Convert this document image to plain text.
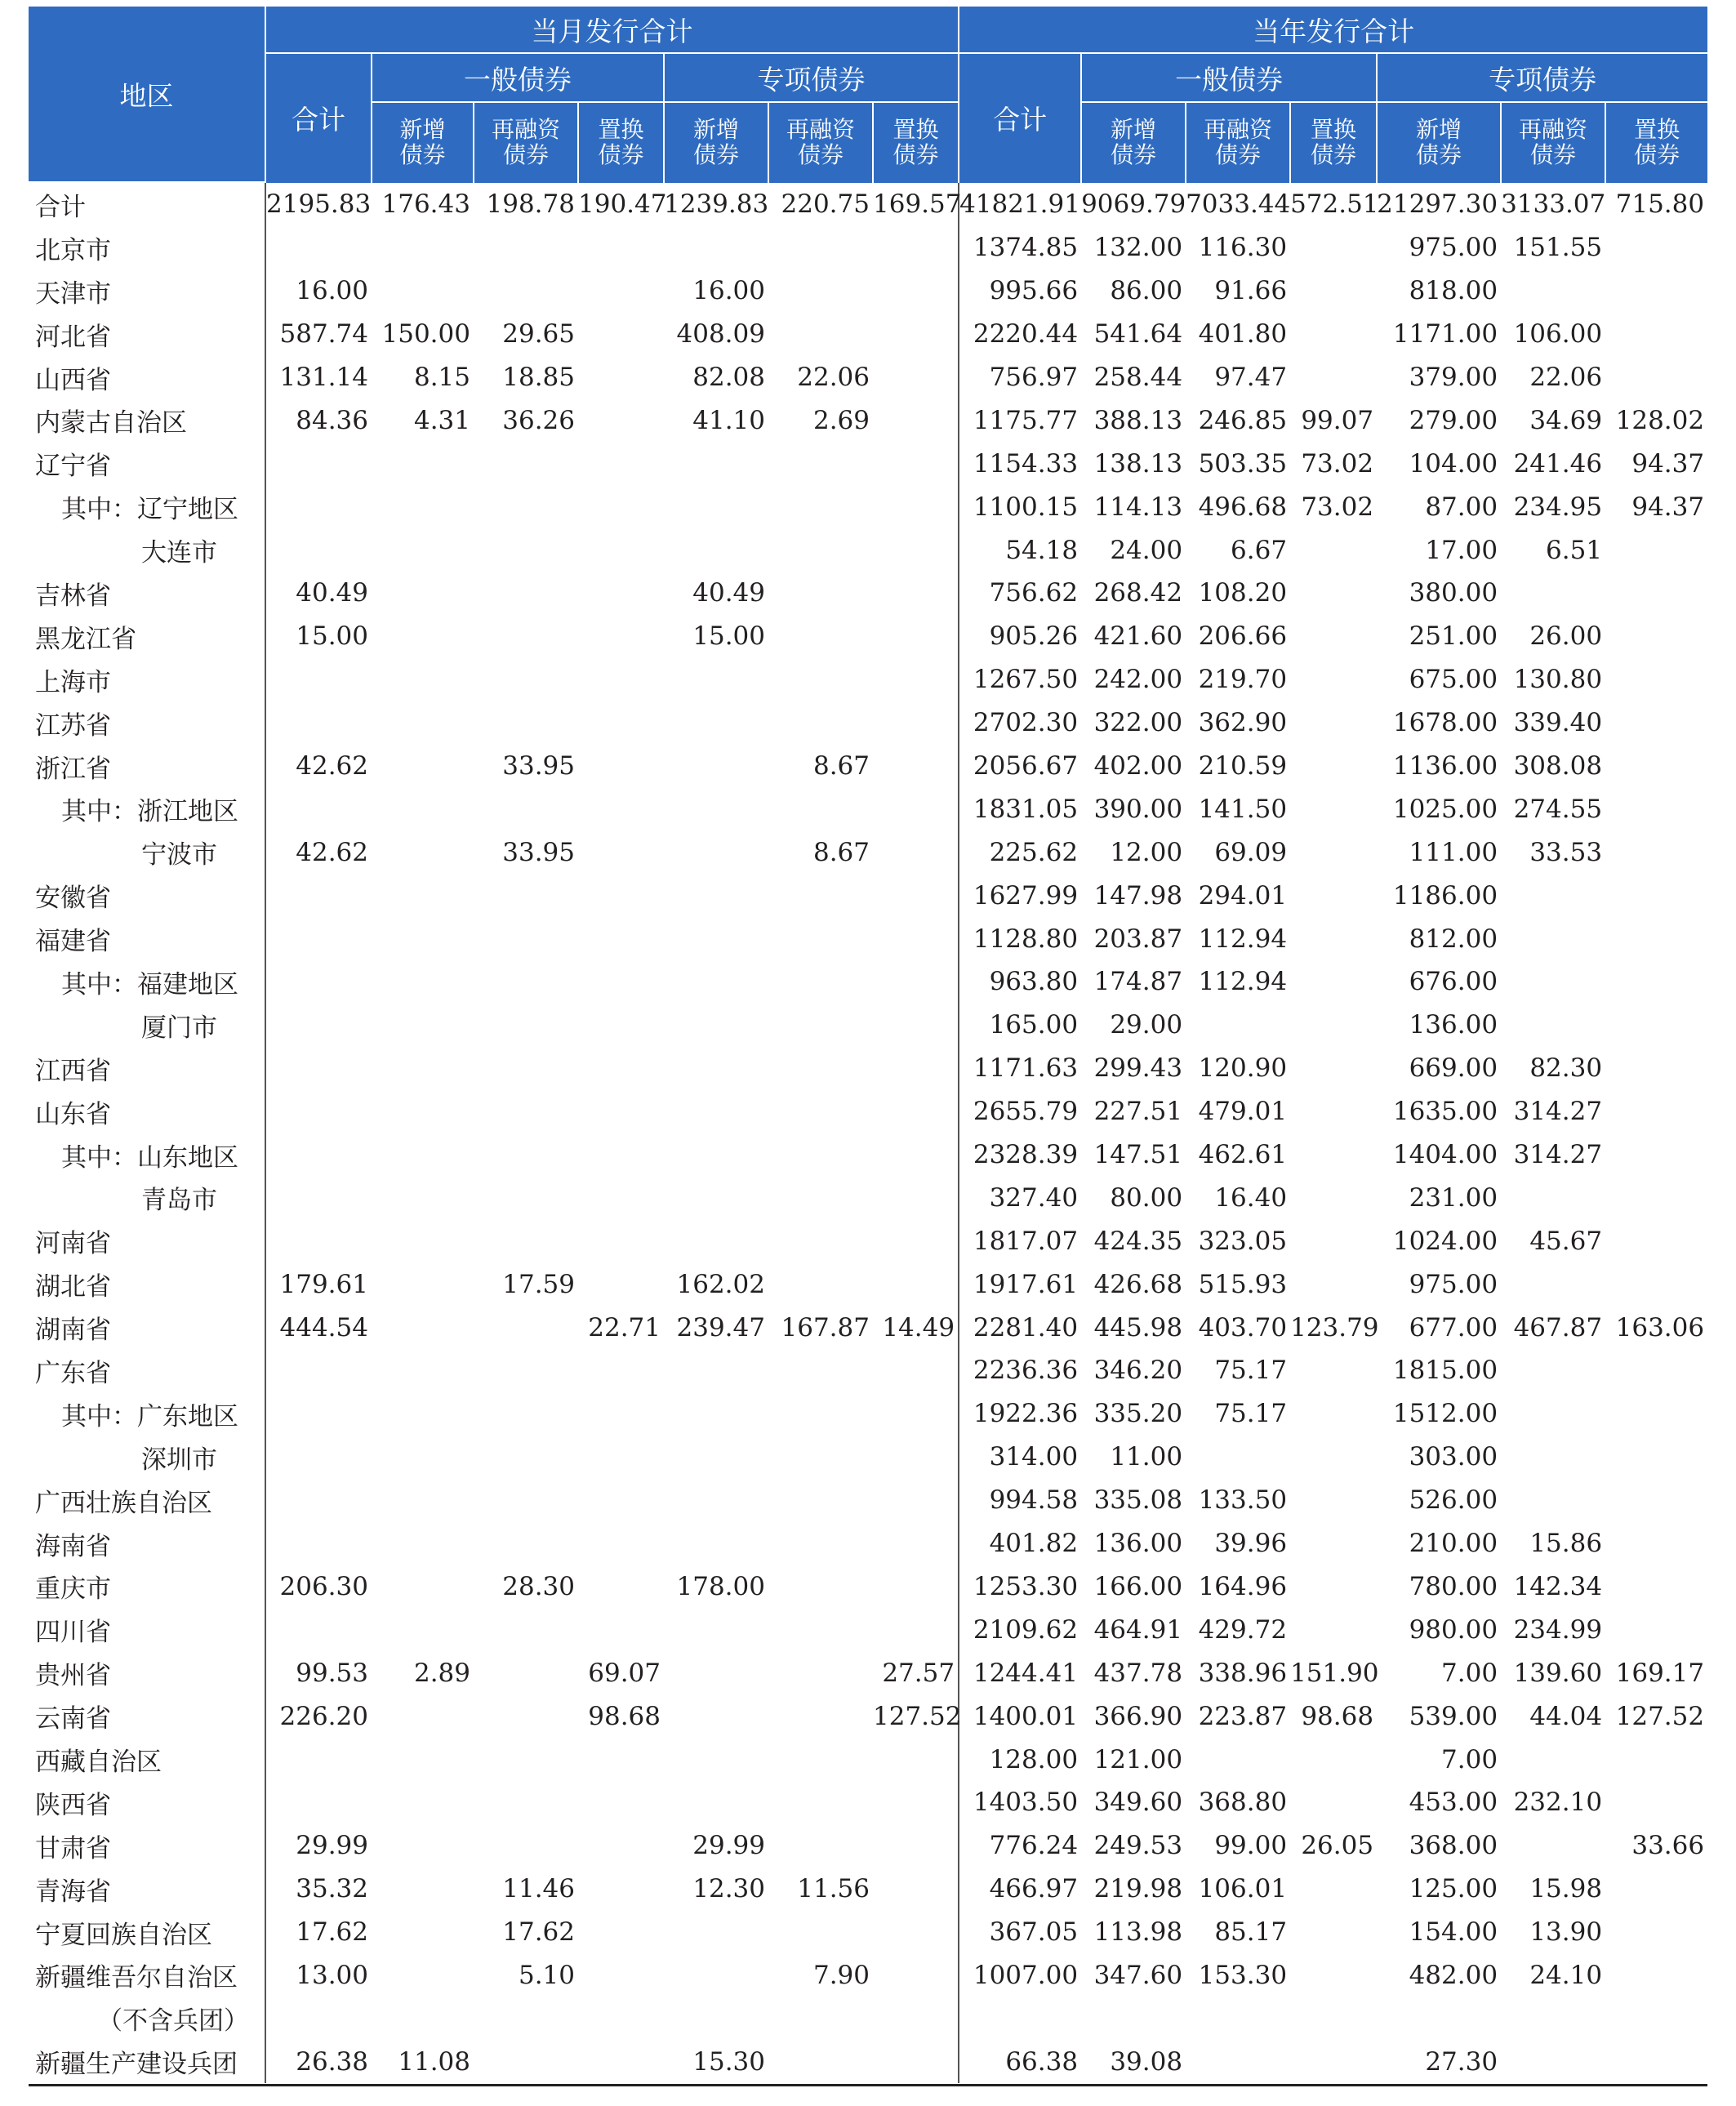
地区	当月发行合计							当年发行合计						
	合计	一般债券			专项债券			合计	一般债券			专项债券		
		新增债券	再融资债券	置换债券	新增债券	再融资债券	置换债券		新增债券	再融资债券	置换债券	新增债券	再融资债券	置换债券
合计	2195.83	176.43	198.78	190.47	1239.83	220.75	169.57	41821.91	9069.79	7033.44	572.51	21297.30	3133.07	715.80
北京市								1374.85	132.00	116.30		975.00	151.55	
天津市	16.00				16.00			995.66	86.00	91.66		818.00		
河北省	587.74	150.00	29.65		408.09			2220.44	541.64	401.80		1171.00	106.00	
山西省	131.14	8.15	18.85		82.08	22.06		756.97	258.44	97.47		379.00	22.06	
内蒙古自治区	84.36	4.31	36.26		41.10	2.69		1175.77	388.13	246.85	99.07	279.00	34.69	128.02
辽宁省								1154.33	138.13	503.35	73.02	104.00	241.46	94.37
其中：辽宁地区								1100.15	114.13	496.68	73.02	87.00	234.95	94.37
大连市								54.18	24.00	6.67		17.00	6.51	
吉林省	40.49				40.49			756.62	268.42	108.20		380.00		
黑龙江省	15.00				15.00			905.26	421.60	206.66		251.00	26.00	
上海市								1267.50	242.00	219.70		675.00	130.80	
江苏省								2702.30	322.00	362.90		1678.00	339.40	
浙江省	42.62		33.95			8.67		2056.67	402.00	210.59		1136.00	308.08	
其中：浙江地区								1831.05	390.00	141.50		1025.00	274.55	
宁波市	42.62		33.95			8.67		225.62	12.00	69.09		111.00	33.53	
安徽省								1627.99	147.98	294.01		1186.00		
福建省								1128.80	203.87	112.94		812.00		
其中：福建地区								963.80	174.87	112.94		676.00		
厦门市								165.00	29.00			136.00		
江西省								1171.63	299.43	120.90		669.00	82.30	
山东省								2655.79	227.51	479.01		1635.00	314.27	
其中：山东地区								2328.39	147.51	462.61		1404.00	314.27	
青岛市								327.40	80.00	16.40		231.00		
河南省								1817.07	424.35	323.05		1024.00	45.67	
湖北省	179.61		17.59		162.02			1917.61	426.68	515.93		975.00		
湖南省	444.54			22.71	239.47	167.87	14.49	2281.40	445.98	403.70	123.79	677.00	467.87	163.06
广东省								2236.36	346.20	75.17		1815.00		
其中：广东地区								1922.36	335.20	75.17		1512.00		
深圳市								314.00	11.00			303.00		
广西壮族自治区								994.58	335.08	133.50		526.00		
海南省								401.82	136.00	39.96		210.00	15.86	
重庆市	206.30		28.30		178.00			1253.30	166.00	164.96		780.00	142.34	
四川省								2109.62	464.91	429.72		980.00	234.99	
贵州省	99.53	2.89		69.07			27.57	1244.41	437.78	338.96	151.90	7.00	139.60	169.17
云南省	226.20			98.68			127.52	1400.01	366.90	223.87	98.68	539.00	44.04	127.52
西藏自治区								128.00	121.00			7.00		
陕西省								1403.50	349.60	368.80		453.00	232.10	
甘肃省	29.99				29.99			776.24	249.53	99.00	26.05	368.00		33.66
青海省	35.32		11.46		12.30	11.56		466.97	219.98	106.01		125.00	15.98	
宁夏回族自治区	17.62		17.62					367.05	113.98	85.17		154.00	13.90	
新疆维吾尔自治区	13.00		5.10			7.90		1007.00	347.60	153.30		482.00	24.10	
（不含兵团）														
新疆生产建设兵团	26.38	11.08			15.30			66.38	39.08			27.30		
